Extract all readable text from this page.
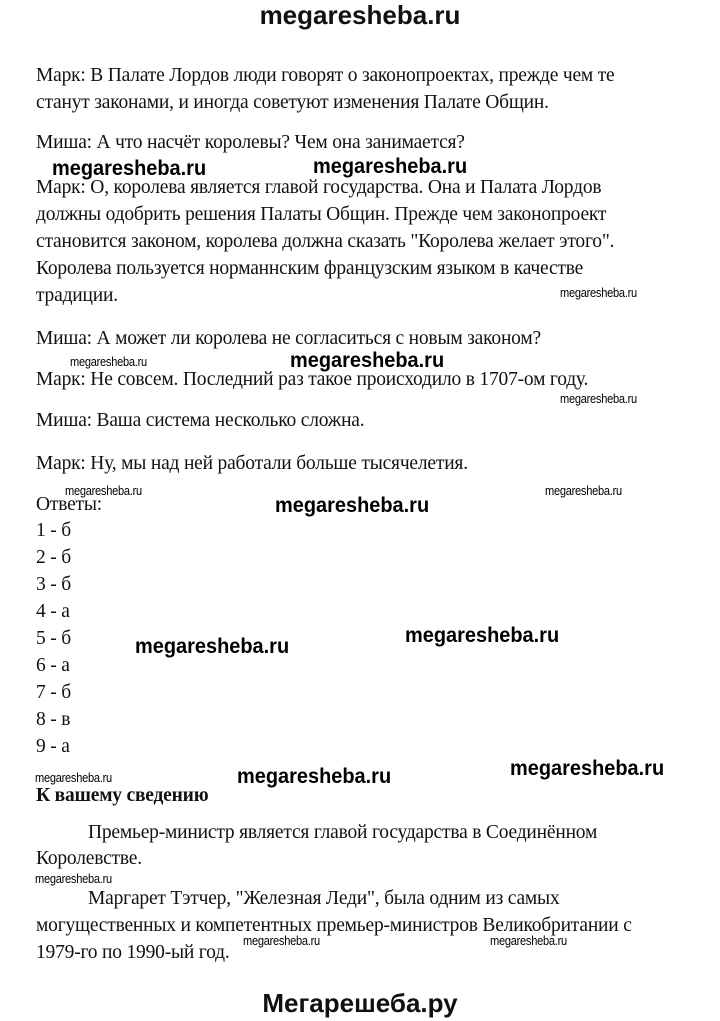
megaresheba.ru
Марк: В Палате Лордов люди говорят о законопроектах, прежде чем те
станут законами, и иногда советуют изменения Палате Общин.
Миша: А что насчёт королевы? Чем она занимается?
Марк: О, королева является главой государства. Она и Палата Лордов
должны одобрить решения Палаты Общин. Прежде чем законопроект
становится законом, королева должна сказать "Королева желает этого".
Королева пользуется норманнским французским языком в качестве
традиции.
Миша: А может ли королева не согласиться с новым законом?
Марк: Не совсем. Последний раз такое происходило в 1707-ом году.
Миша: Ваша система несколько сложна.
Марк: Ну, мы над ней работали больше тысячелетия.
Ответы:
1 - б
2 - б
3 - б
4 - а
5 - б
6 - а
7 - б
8 - в
9 - а
К вашему сведению
Премьер-министр является главой государства в Соединённом
Королевстве.
Маргарет Тэтчер, "Железная Леди", была одним из самых
могущественных и компетентных премьер-министров Великобритании с
1979-го по 1990-ый год.
megaresheba.ru	megaresheba.ru
megaresheba.ru
megaresheba.ru	megaresheba.ru
megaresheba.ru
megaresheba.ru
megaresheba.ru
megaresheba.ru
megaresheba.ru	megaresheba.ru
megaresheba.ru	megaresheba.ru	megaresheba.ru
megaresheba.ru
megaresheba.ru	megaresheba.ru
Мегарешеба.ру
